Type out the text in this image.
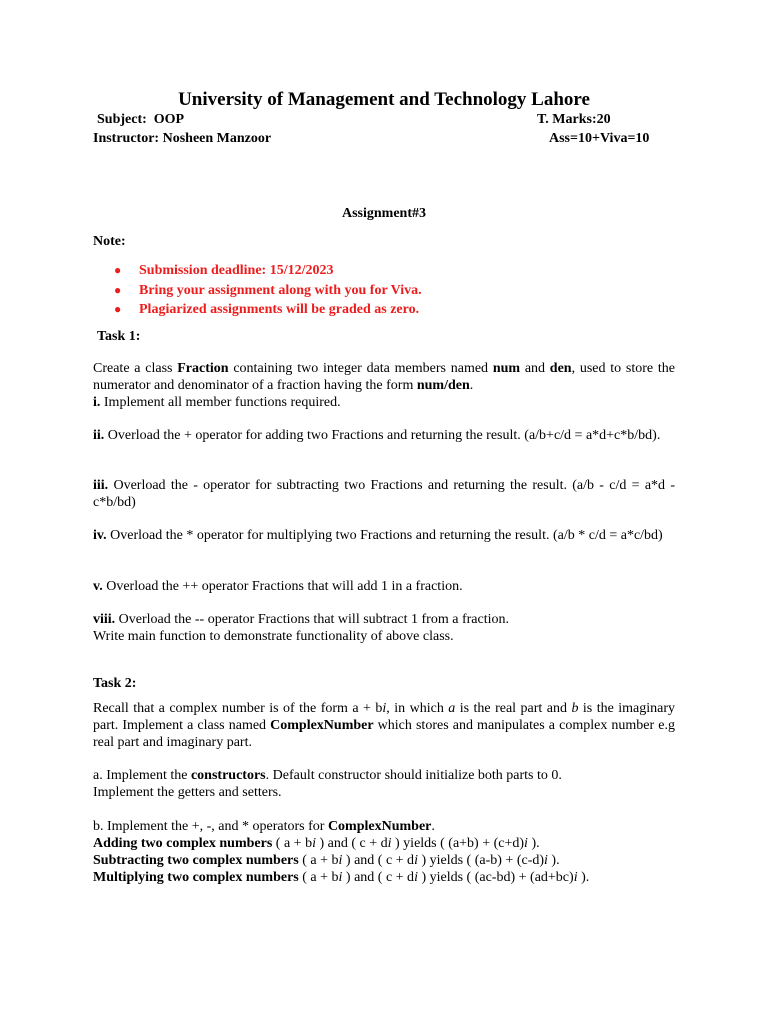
University of Management and Technology Lahore
Subject: OOP	T. Marks:20
Instructor: Nosheen Manzoor	Ass=10+Viva=10
Assignment#3
Note:
● Submission deadline: 15/12/2023
● Bring your assignment along with you for Viva.
● Plagiarized assignments will be graded as zero.
Task 1:
Create a class Fraction containing two integer data members named num and den, used to store the numerator and denominator of a fraction having the form num/den.
i. Implement all member functions required.
ii. Overload the + operator for adding two Fractions and returning the result. (a/b+c/d = a*d+c*b/bd).
iii. Overload the - operator for subtracting two Fractions and returning the result. (a/b - c/d = a*d - c*b/bd)
iv. Overload the * operator for multiplying two Fractions and returning the result. (a/b * c/d = a*c/bd)
v. Overload the ++ operator Fractions that will add 1 in a fraction.
viii. Overload the -- operator Fractions that will subtract 1 from a fraction.
Write main function to demonstrate functionality of above class.
Task 2:
Recall that a complex number is of the form a + bi, in which a is the real part and b is the imaginary part. Implement a class named ComplexNumber which stores and manipulates a complex number e.g real part and imaginary part.
a. Implement the constructors. Default constructor should initialize both parts to 0.
Implement the getters and setters.
b. Implement the +, -, and * operators for ComplexNumber.
Adding two complex numbers ( a + bi ) and ( c + di ) yields ( (a+b) + (c+d)i ).
Subtracting two complex numbers ( a + bi ) and ( c + di ) yields ( (a-b) + (c-d)i ).
Multiplying two complex numbers ( a + bi ) and ( c + di ) yields ( (ac-bd) + (ad+bc)i ).
